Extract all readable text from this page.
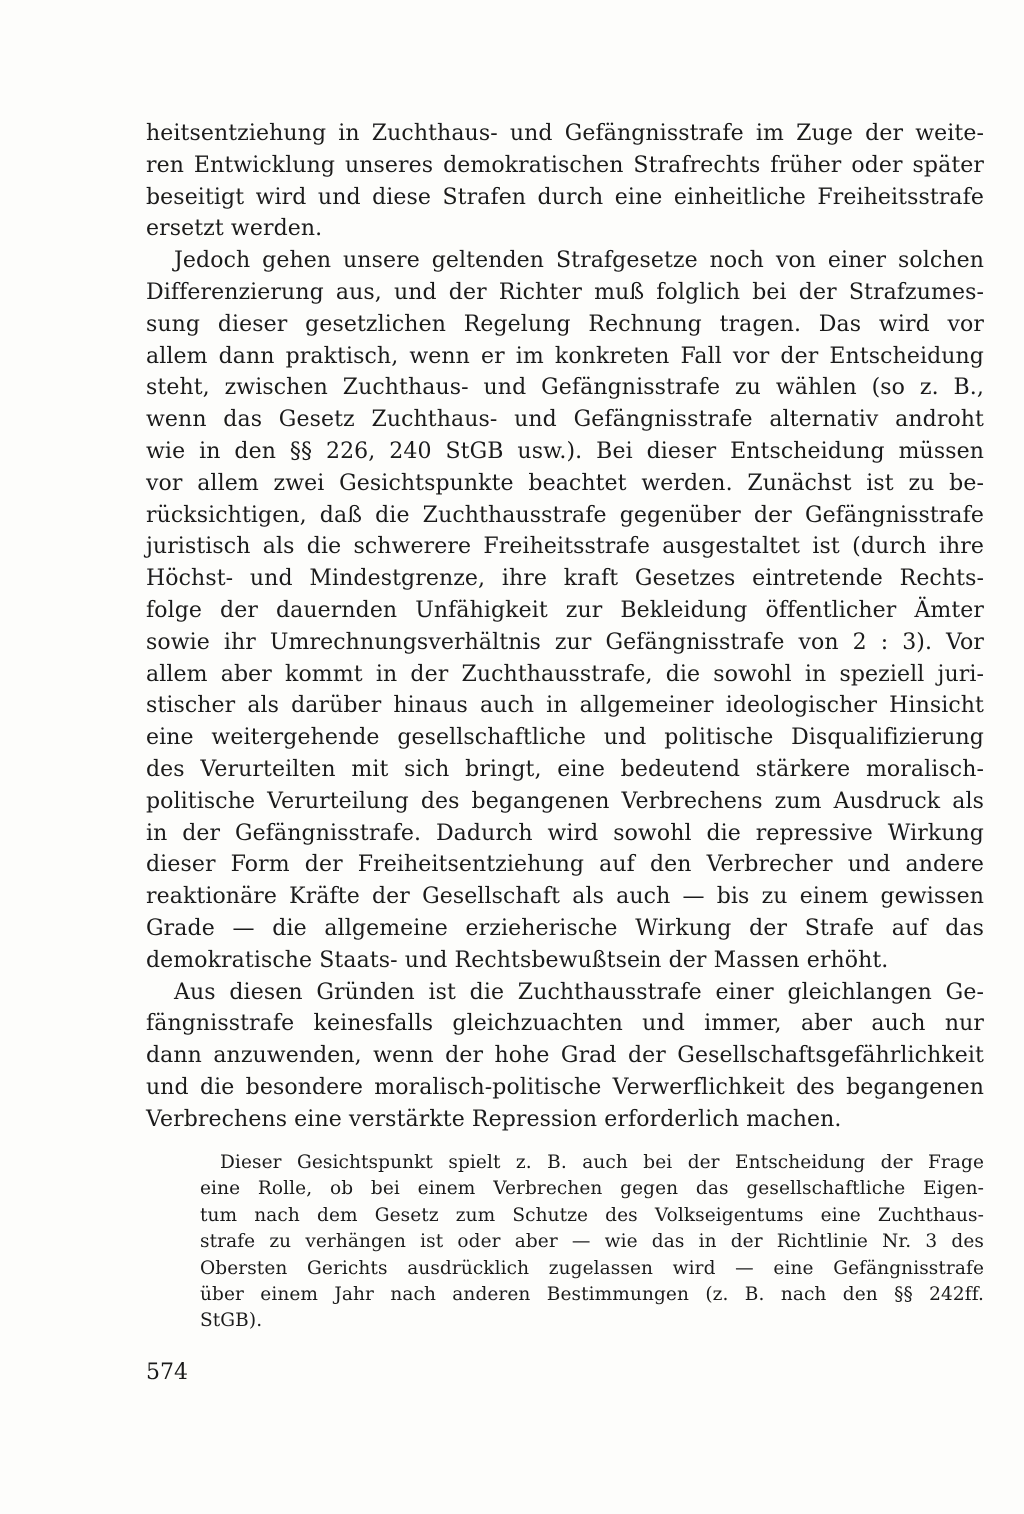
heitsentziehung in Zuchthaus- und Gefängnisstrafe im Zuge der weite-
ren Entwicklung unseres demokratischen Strafrechts früher oder später
beseitigt wird und diese Strafen durch eine einheitliche Freiheitsstrafe
ersetzt werden.
Jedoch gehen unsere geltenden Strafgesetze noch von einer solchen
Differenzierung aus, und der Richter muß folglich bei der Strafzumes-
sung dieser gesetzlichen Regelung Rechnung tragen. Das wird vor
allem dann praktisch, wenn er im konkreten Fall vor der Entscheidung
steht, zwischen Zuchthaus- und Gefängnisstrafe zu wählen (so z. B.,
wenn das Gesetz Zuchthaus- und Gefängnisstrafe alternativ androht
wie in den §§ 226, 240 StGB usw.). Bei dieser Entscheidung müssen
vor allem zwei Gesichtspunkte beachtet werden. Zunächst ist zu be-
rücksichtigen, daß die Zuchthausstrafe gegenüber der Gefängnisstrafe
juristisch als die schwerere Freiheitsstrafe ausgestaltet ist (durch ihre
Höchst- und Mindestgrenze, ihre kraft Gesetzes eintretende Rechts-
folge der dauernden Unfähigkeit zur Bekleidung öffentlicher Ämter
sowie ihr Umrechnungsverhältnis zur Gefängnisstrafe von 2 : 3). Vor
allem aber kommt in der Zuchthausstrafe, die sowohl in speziell juri-
stischer als darüber hinaus auch in allgemeiner ideologischer Hinsicht
eine weitergehende gesellschaftliche und politische Disqualifizierung
des Verurteilten mit sich bringt, eine bedeutend stärkere moralisch-
politische Verurteilung des begangenen Verbrechens zum Ausdruck als
in der Gefängnisstrafe. Dadurch wird sowohl die repressive Wirkung
dieser Form der Freiheitsentziehung auf den Verbrecher und andere
reaktionäre Kräfte der Gesellschaft als auch — bis zu einem gewissen
Grade — die allgemeine erzieherische Wirkung der Strafe auf das
demokratische Staats- und Rechtsbewußtsein der Massen erhöht.
Aus diesen Gründen ist die Zuchthausstrafe einer gleichlangen Ge-
fängnisstrafe keinesfalls gleichzuachten und immer, aber auch nur
dann anzuwenden, wenn der hohe Grad der Gesellschaftsgefährlichkeit
und die besondere moralisch-politische Verwerflichkeit des begangenen
Verbrechens eine verstärkte Repression erforderlich machen.
Dieser Gesichtspunkt spielt z. B. auch bei der Entscheidung der Frage
eine Rolle, ob bei einem Verbrechen gegen das gesellschaftliche Eigen-
tum nach dem Gesetz zum Schutze des Volkseigentums eine Zuchthaus-
strafe zu verhängen ist oder aber — wie das in der Richtlinie Nr. 3 des
Obersten Gerichts ausdrücklich zugelassen wird — eine Gefängnisstrafe
über einem Jahr nach anderen Bestimmungen (z. B. nach den §§ 242ff.
StGB).
574
